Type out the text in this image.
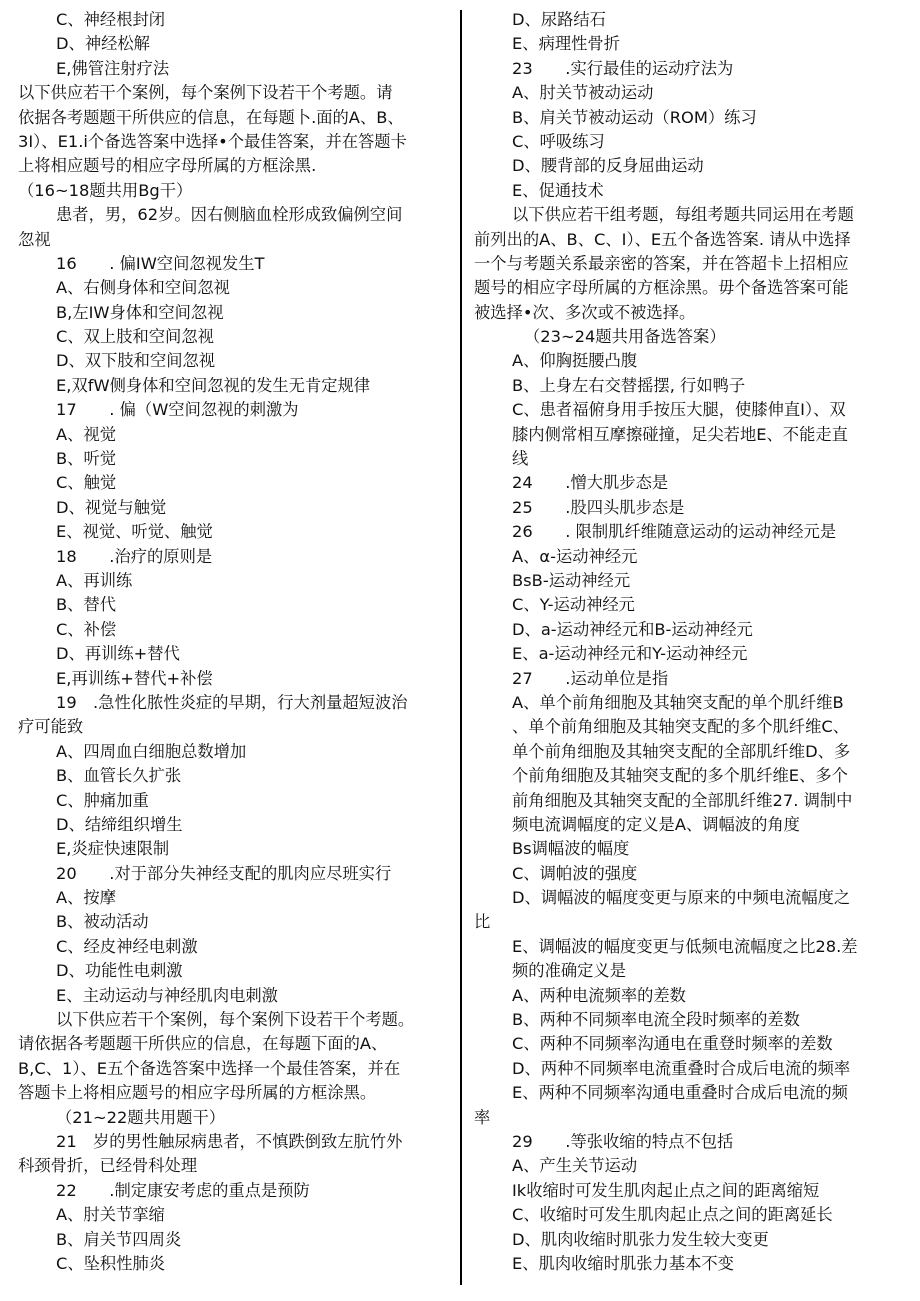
C、神经根封闭
D、神经松解
E,佛管注射疗法
以下供应若干个案例，每个案例下设若干个考题。请
依据各考题题干所供应的信息，在每题卜.面的A、B、
3I）、E1.i个备选答案中选择•个最佳答案，并在答题卡
上将相应题号的相应字母所属的方框涂黑.
（16~18题共用Bg干）
患者，男，62岁。因右侧脑血栓形成致偏例空间
忽视
16　　. 偏IW空间忽视发生T
A、右侧身体和空间忽视
B,左IW身体和空间忽视
C、双上肢和空间忽视
D、双下肢和空间忽视
E,双fW侧身体和空间忽视的发生无肯定规律
17　　. 偏（W空间忽视的刺激为
A、视觉
B、听觉
C、触觉
D、视觉与触觉
E、视觉、听觉、触觉
18　　.治疗的原则是
A、再训练
B、替代
C、补偿
D、再训练+替代
E,再训练+替代+补偿
19　.急性化脓性炎症的早期，行大剂量超短波治
疗可能致
A、四周血白细胞总数增加
B、血管长久扩张
C、肿痛加重
D、结缔组织增生
E,炎症快速限制
20　　.对于部分失神经支配的肌肉应尽班实行
A、按摩
B、被动活动
C、经皮神经电刺激
D、功能性电刺激
E、主动运动与神经肌肉电刺激
以下供应若干个案例，每个案例下设若干个考题。
请依据各考题题干所供应的信息，在每题下面的A、
B,C、1）、E五个备选答案中选择一个最佳答案，并在
答题卡上将相应题号的相应字母所属的方框涂黑。
（21~22题共用题干）
21　岁的男性触尿病患者，不慎跌倒致左肮竹外
科颈骨折，已经骨科处理
22　　.制定康安考虑的重点是预防
A、肘关节挛缩
B、肩关节四周炎
C、坠积性肺炎
D、尿路结石
E、病理性骨折
23　　.实行最佳的运动疗法为
A、肘关节被动运动
B、肩关节被动运动（ROM）练习
C、呼吸练习
D、腰背部的反身屈曲运动
E、促通技术
以下供应若干组考题，每组考题共同运用在考题
前列出的A、B、C、I）、E五个备选答案. 请从中选择
一个与考题关系最亲密的答案，并在答超卡上招相应
题号的相应字母所属的方框涂黑。毋个备选答案可能
被选择•次、多次或不被选择。
（23~24题共用备选答案）
A、仰胸挺腰凸腹
B、上身左右交替摇摆, 行如鸭子
C、患者福俯身用手按压大腿，使膝伸直I）、双
膝内侧常相互摩擦碰撞，足尖若地E、不能走直
线
24　　.憎大肌步态是
25　　.股四头肌步态是
26　　. 限制肌纤维随意运动的运动神经元是
A、α-运动神经元
BsB-运动神经元
C、Y-运动神经元
D、a-运动神经元和B-运动神经元
E、a-运动神经元和Y-运动神经元
27　　.运动单位是指
A、单个前角细胞及其轴突支配的单个肌纤维B
、单个前角细胞及其轴突支配的多个肌纤维C、
单个前角细胞及其轴突支配的全部肌纤维D、多
个前角细胞及其轴突支配的多个肌纤维E、多个
前角细胞及其轴突支配的全部肌纤维27. 调制中
频电流调幅度的定义是A、调幅波的角度
Bs调幅波的幅度
C、调帕波的强度
D、调幅波的幅度变更与原来的中频电流幅度之
比
E、调幅波的幅度变更与低频电流幅度之比28.差
频的准确定义是
A、两种电流频率的差数
B、两种不同频率电流全段时频率的差数
C、两种不同频率沟通电在重登时频率的差数
D、两种不同频率电流重叠时合成后电流的频率
E、两种不同频率沟通电重叠时合成后电流的频
率
29　　.等张收缩的特点不包括
A、产生关节运动
Ik收缩时可发生肌肉起止点之间的距离缩短
C、收缩时可发生肌肉起止点之间的距离延长
D、肌肉收缩时肌张力发生较大变更
E、肌肉收缩时肌张力基本不变
